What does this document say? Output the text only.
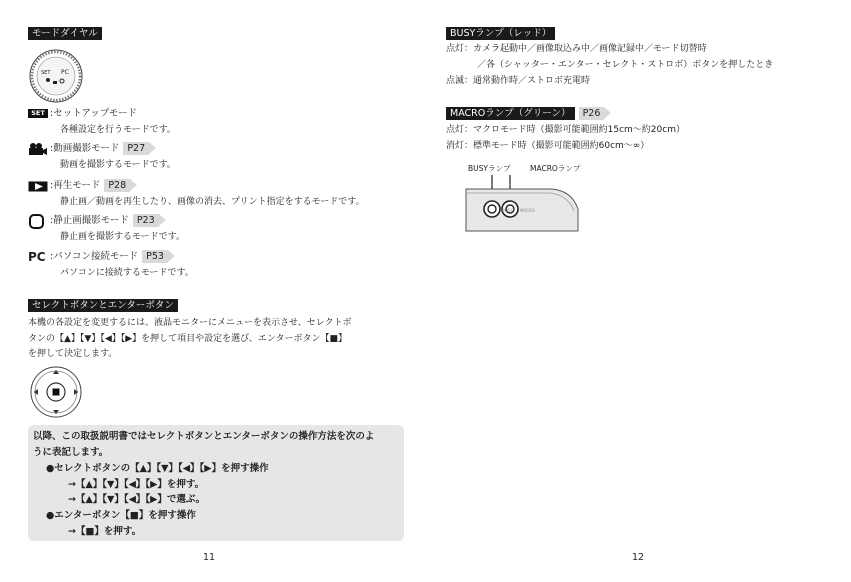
モードダイヤル
SET PC
SET :セットアップモード
各種設定を行うモードです。
:動画撮影モード P27
動画を撮影するモードです。
:再生モード P28
静止画／動画を再生したり、画像の消去、プリント指定をするモードです。
:静止画撮影モード P23
静止画を撮影するモードです。
PC :パソコン接続モード P53
パソコンに接続するモードです。
セレクトボタンとエンターボタン
本機の各設定を変更するには、液晶モニターにメニューを表示させ、セレクトボ
タンの【▲】【▼】【◀】【▶】を押して項目や設定を選び、エンターボタン【■】
を押して決定します。
以降、この取扱説明書ではセレクトボタンとエンターボタンの操作方法を次のよ
うに表記します。
●セレクトボタンの【▲】【▼】【◀】【▶】を押す操作
→【▲】【▼】【◀】【▶】を押す。
→【▲】【▼】【◀】【▶】で選ぶ。
●エンターボタン【■】を押す操作
→【■】を押す。
11
BUSYランプ（レッド）
点灯：カメラ起動中／画像取込み中／画像記録中／モード切替時
／各（シャッター・エンター・セレクト・ストロボ）ボタンを押したとき
点滅：通常動作時／ストロボ充電時
MACROランプ（グリーン） P26
点灯：マクロモード時（撮影可能範囲約15cm〜約20cm）
消灯：標準モード時（撮影可能範囲約60cm〜∞）
BUSYランプ	MACROランプ
BUSY MACRO
12
